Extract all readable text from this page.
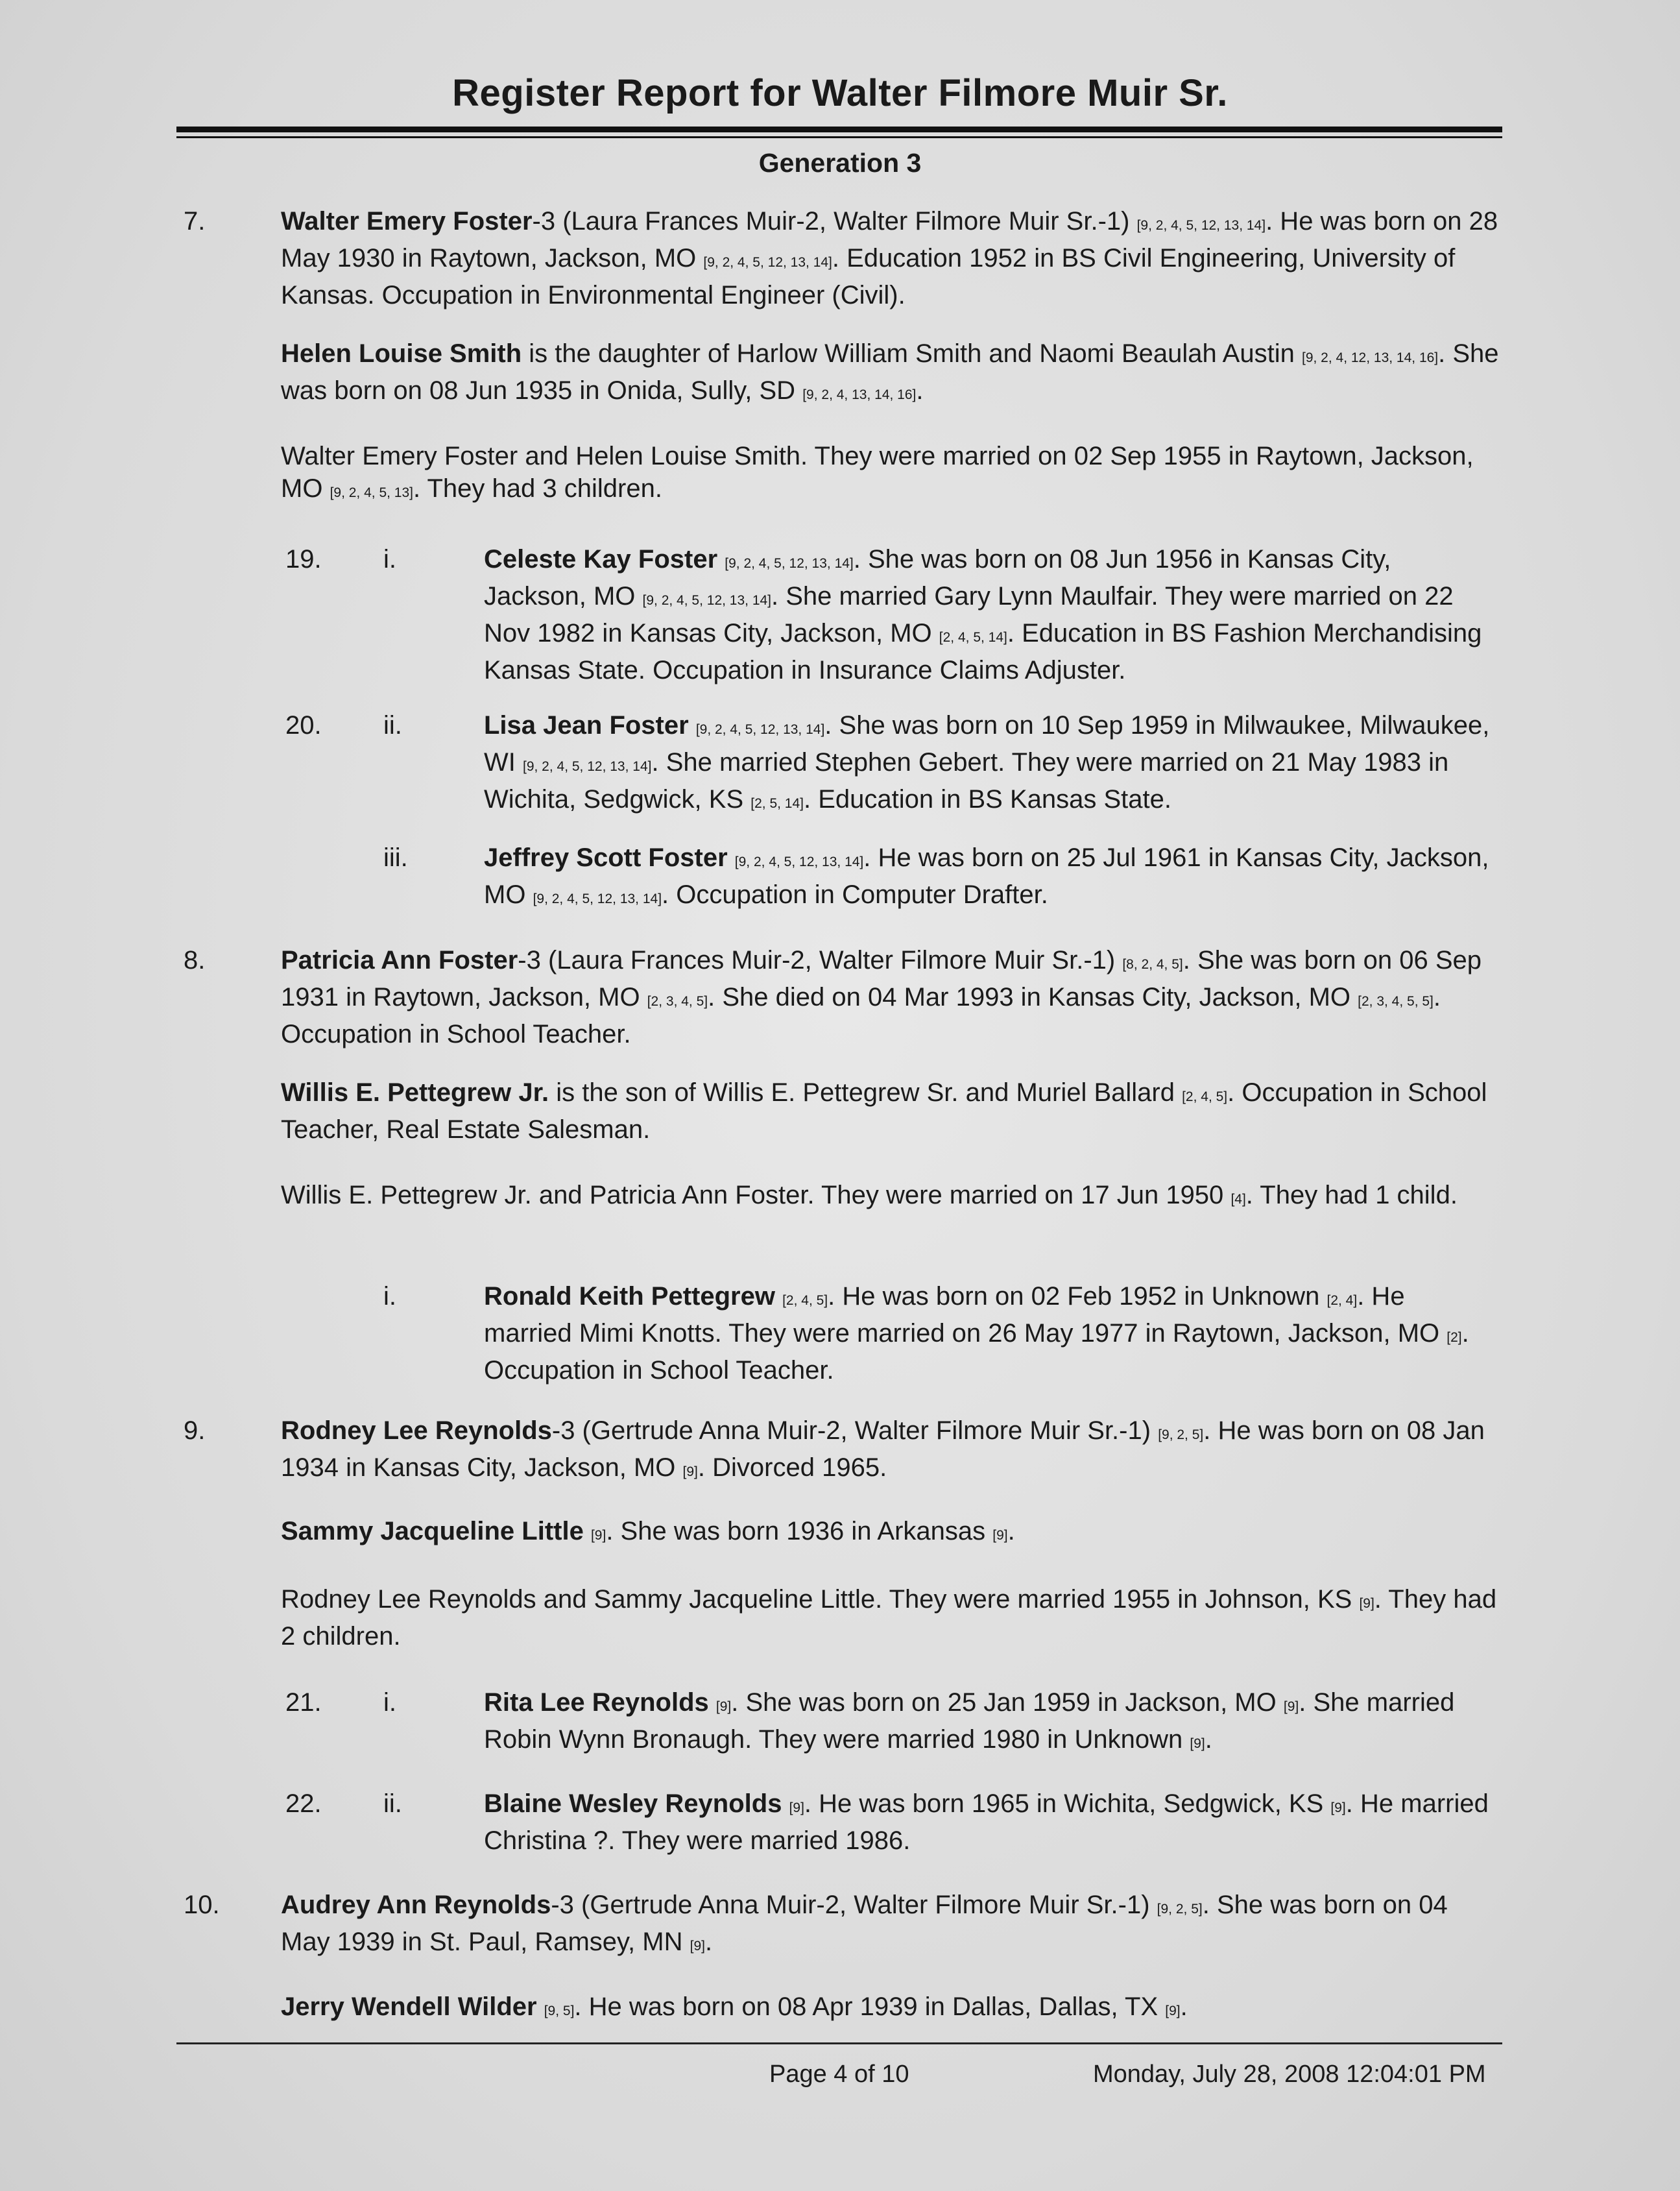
Register Report for Walter Filmore Muir Sr.
Generation 3
7.	Walter Emery Foster-3 (Laura Frances Muir-2, Walter Filmore Muir Sr.-1) [9, 2, 4, 5, 12, 13, 14]. He was born on 28 May 1930 in Raytown, Jackson, MO [9, 2, 4, 5, 12, 13, 14]. Education 1952 in BS Civil Engineering, University of Kansas. Occupation in Environmental Engineer (Civil).
Helen Louise Smith is the daughter of Harlow William Smith and Naomi Beaulah Austin [9, 2, 4, 12, 13, 14, 16]. She was born on 08 Jun 1935 in Onida, Sully, SD [9, 2, 4, 13, 14, 16].
Walter Emery Foster and Helen Louise Smith. They were married on 02 Sep 1955 in Raytown, Jackson, MO [9, 2, 4, 5, 13]. They had 3 children.
19. i.	Celeste Kay Foster [9, 2, 4, 5, 12, 13, 14]. She was born on 08 Jun 1956 in Kansas City, Jackson, MO [9, 2, 4, 5, 12, 13, 14]. She married Gary Lynn Maulfair. They were married on 22 Nov 1982 in Kansas City, Jackson, MO [2, 4, 5, 14]. Education in BS Fashion Merchandising Kansas State. Occupation in Insurance Claims Adjuster.
20. ii.	Lisa Jean Foster [9, 2, 4, 5, 12, 13, 14]. She was born on 10 Sep 1959 in Milwaukee, Milwaukee, WI [9, 2, 4, 5, 12, 13, 14]. She married Stephen Gebert. They were married on 21 May 1983 in Wichita, Sedgwick, KS [2, 5, 14]. Education in BS Kansas State.
iii.	Jeffrey Scott Foster [9, 2, 4, 5, 12, 13, 14]. He was born on 25 Jul 1961 in Kansas City, Jackson, MO [9, 2, 4, 5, 12, 13, 14]. Occupation in Computer Drafter.
8.	Patricia Ann Foster-3 (Laura Frances Muir-2, Walter Filmore Muir Sr.-1) [8, 2, 4, 5]. She was born on 06 Sep 1931 in Raytown, Jackson, MO [2, 3, 4, 5]. She died on 04 Mar 1993 in Kansas City, Jackson, MO [2, 3, 4, 5, 5]. Occupation in School Teacher.
Willis E. Pettegrew Jr. is the son of Willis E. Pettegrew Sr. and Muriel Ballard [2, 4, 5]. Occupation in School Teacher, Real Estate Salesman.
Willis E. Pettegrew Jr. and Patricia Ann Foster. They were married on 17 Jun 1950 [4]. They had 1 child.
i.	Ronald Keith Pettegrew [2, 4, 5]. He was born on 02 Feb 1952 in Unknown [2, 4]. He married Mimi Knotts. They were married on 26 May 1977 in Raytown, Jackson, MO [2]. Occupation in School Teacher.
9.	Rodney Lee Reynolds-3 (Gertrude Anna Muir-2, Walter Filmore Muir Sr.-1) [9, 2, 5]. He was born on 08 Jan 1934 in Kansas City, Jackson, MO [9]. Divorced 1965.
Sammy Jacqueline Little [9]. She was born 1936 in Arkansas [9].
Rodney Lee Reynolds and Sammy Jacqueline Little. They were married 1955 in Johnson, KS [9]. They had 2 children.
21. i.	Rita Lee Reynolds [9]. She was born on 25 Jan 1959 in Jackson, MO [9]. She married Robin Wynn Bronaugh. They were married 1980 in Unknown [9].
22. ii.	Blaine Wesley Reynolds [9]. He was born 1965 in Wichita, Sedgwick, KS [9]. He married Christina ?. They were married 1986.
10. Audrey Ann Reynolds-3 (Gertrude Anna Muir-2, Walter Filmore Muir Sr.-1) [9, 2, 5]. She was born on 04 May 1939 in St. Paul, Ramsey, MN [9].
Jerry Wendell Wilder [9, 5]. He was born on 08 Apr 1939 in Dallas, Dallas, TX [9].
Page 4 of 10	Monday, July 28, 2008 12:04:01 PM
